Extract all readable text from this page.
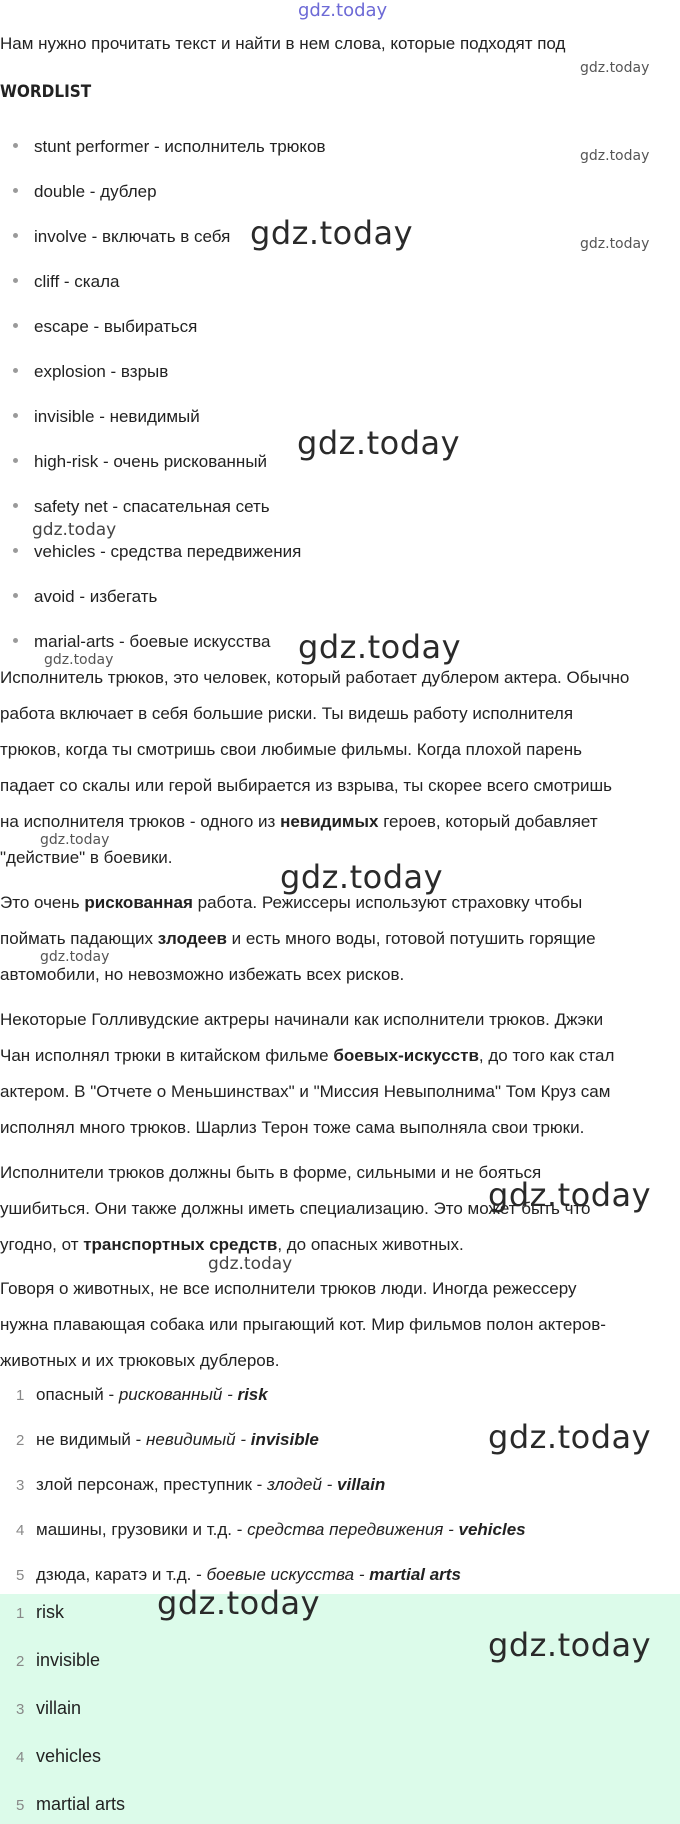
gdz.today
Нам нужно прочитать текст и найти в нем слова, которые подходят под
gdz.today
WORDLIST
stunt performer - исполнитель трюков	gdz.today
double - дублер
involve - включать в себя gdz.today	gdz.today
cliff - скала
escape - выбираться
explosion - взрыв
invisible - невидимый
gdz.today
high-risk - очень рискованный
safety net - спасательная сеть
gdz.today
vehicles - средства передвижения
avoid - избегать
marial-arts - боевые искусства gdz.today
gdz.today
Исполнитель трюков, это человек, который работает дублером актера. Обычно
работа включает в себя большие риски. Ты видешь работу исполнителя
трюков, когда ты смотришь свои любимые фильмы. Когда плохой парень
падает со скалы или герой выбирается из взрыва, ты скорее всего смотришь
на исполнителя трюков - одного из невидимых героев, который добавляет
gdz.today
"действие" в боевики.
gdz.today
Это очень рискованная работа. Режиссеры используют страховку чтобы
поймать падающих злодеев и есть много воды, готовой потушить горящие
gdz.today
автомобили, но невозможно избежать всех рисков.
Некоторые Голливудские актреры начинали как исполнители трюков. Джэки
Чан исполнял трюки в китайском фильме боевых-искусств, до того как стал
актером. В "Отчете о Меньшинствах" и "Миссия Невыполнима" Том Круз сам
исполнял много трюков. Шарлиз Терон тоже сама выполняла свои трюки.
Исполнители трюков должны быть в форме, сильными и не бояться
ушибиться. Они также должны иметь специализацию. Это может быть что
gdz.today
угодно, от транспортных средств, до опасных животных.
gdz.today
Говоря о животных, не все исполнители трюков люди. Иногда режессеру
нужна плавающая собака или прыгающий кот. Мир фильмов полон актеров-
животных и их трюковых дублеров.
1 опасный - рискованный - risk
2 не видимый - невидимый - invisible	gdz.today
3 злой персонаж, преступник - злодей - villain
4 машины, грузовики и т.д. - средства передвижения - vehicles
5 дзюда, каратэ и т.д. - боевые искусства - martial arts
1 risk	gdz.today
2 invisible	gdz.today
3 villain
4 vehicles
5 martial arts
